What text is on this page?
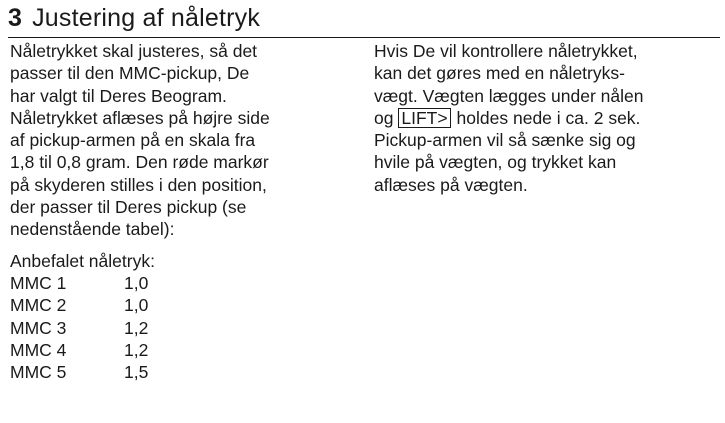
3 Justering af nåletryk
Nåletrykket skal justeres, så det
passer til den MMC-pickup, De
har valgt til Deres Beogram.
Nåletrykket aflæses på højre side
af pickup-armen på en skala fra
1,8 til 0,8 gram. Den røde markør
på skyderen stilles i den position,
der passer til Deres pickup (se
nedenstående tabel):
Anbefalet nåletryk:
MMC 1	1,0
MMC 2	1,0
MMC 3	1,2
MMC 4	1,2
MMC 5	1,5
Hvis De vil kontrollere nåletrykket,
kan det gøres med en nåletryks-
vægt. Vægten lægges under nålen
og LIFT> holdes nede i ca. 2 sek.
Pickup-armen vil så sænke sig og
hvile på vægten, og trykket kan
aflæses på vægten.
